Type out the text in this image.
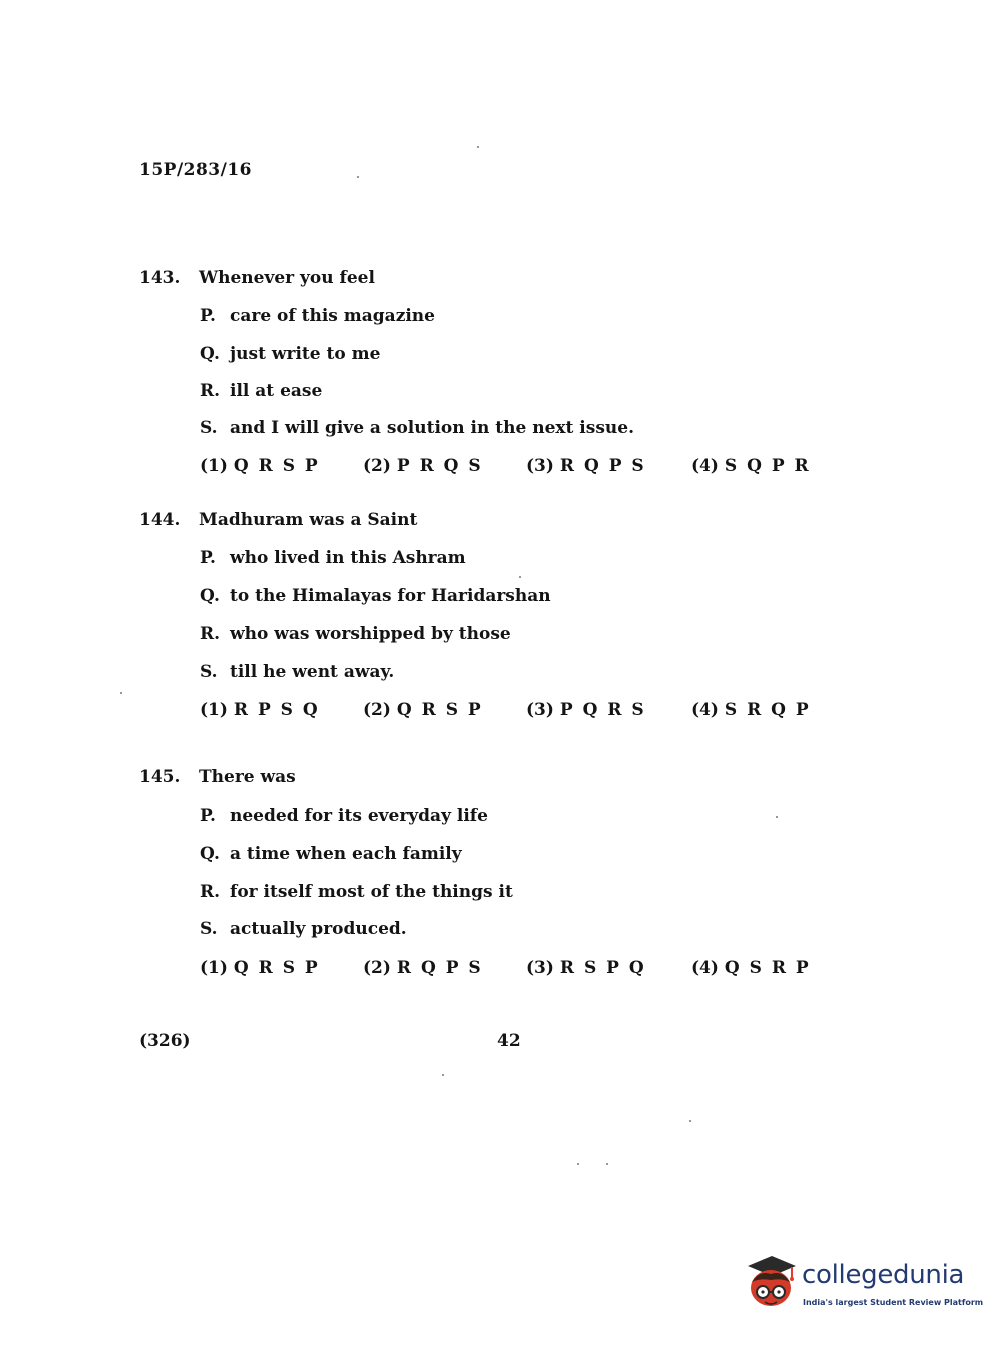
15P/283/16
143. Whenever you feel
P. care of this magazine
Q. just write to me
R. ill at ease
S. and I will give a solution in the next issue.
(1) Q R S P	(2) P R Q S	(3) R Q P S	(4) S Q P R
144. Madhuram was a Saint
P. who lived in this Ashram
Q. to the Himalayas for Haridarshan
R. who was worshipped by those
S. till he went away.
(1) R P S Q	(2) Q R S P	(3) P Q R S	(4) S R Q P
145. There was
P. needed for its everyday life
Q. a time when each family
R. for itself most of the things it
S. actually produced.
(1) Q R S P	(2) R Q P S	(3) R S P Q	(4) Q S R P
(326)	42
collegedunia
India's largest Student Review Platform
